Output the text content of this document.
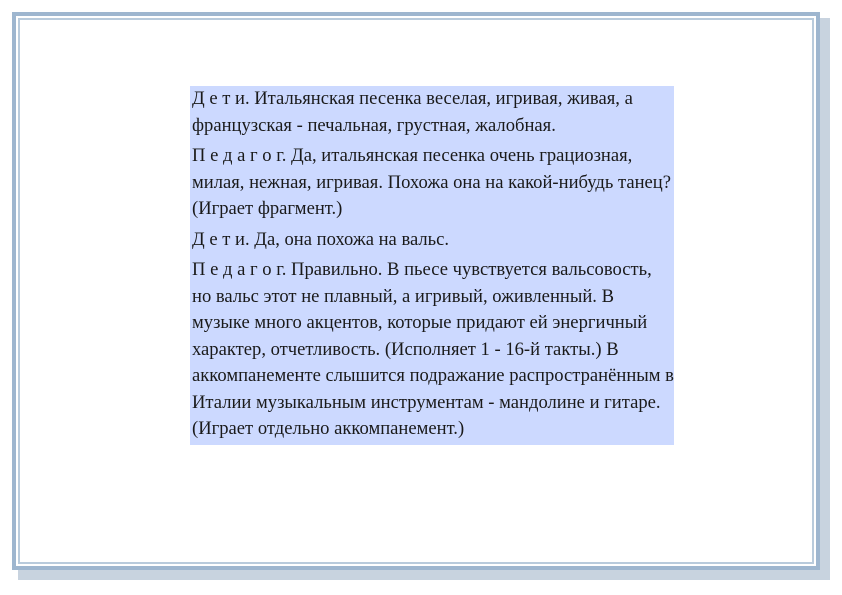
Д е т и. Итальянская песенка веселая, игривая, живая, а французская - печальная, грустная, жалобная.

П е д а г о г. Да, итальянская песенка очень грациозная, милая, нежная, игривая. Похожа она на какой-нибудь танец? (Играет фрагмент.)

Д е т и. Да, она похожа на вальс.

П е д а г о г. Правильно. В пьесе чувствуется вальсовость, но вальс этот не плавный, а игривый, оживленный. В музыке много акцентов, которые придают ей энергичный характер, отчетливость. (Исполняет 1 - 16-й такты.) В аккомпанементе слышится подражание распространённым в Италии музыкальным инструментам - мандолине и гитаре. (Играет отдельно аккомпанемент.)
